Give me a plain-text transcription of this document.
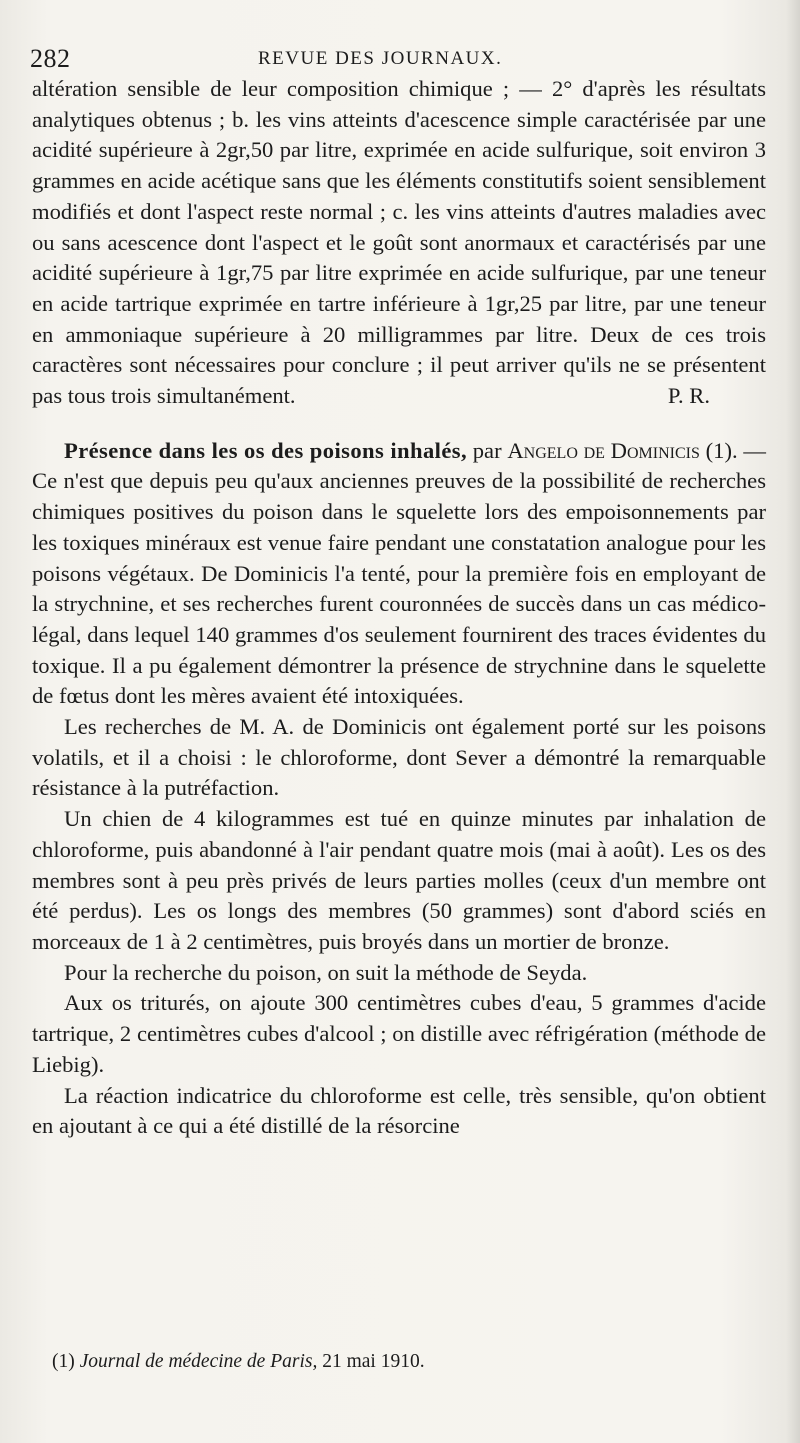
282	REVUE DES JOURNAUX.

altération sensible de leur composition chimique ; — 2° d'après les résultats analytiques obtenus ; b. les vins atteints d'acescence simple caractérisée par une acidité supérieure à 2gr,50 par litre, exprimée en acide sulfurique, soit environ 3 grammes en acide acétique sans que les éléments constitutifs soient sensiblement modifiés et dont l'aspect reste normal ; c. les vins atteints d'autres maladies avec ou sans acescence dont l'aspect et le goût sont anormaux et caractérisés par une acidité supérieure à 1gr,75 par litre exprimée en acide sulfurique, par une teneur en acide tartrique exprimée en tartre inférieure à 1gr,25 par litre, par une teneur en ammoniaque supérieure à 20 milligrammes par litre. Deux de ces trois caractères sont nécessaires pour conclure ; il peut arriver qu'ils ne se présentent pas tous trois simultanément.	P. R.

Présence dans les os des poisons inhalés, par Angelo de Dominicis (1). — Ce n'est que depuis peu qu'aux anciennes preuves de la possibilité de recherches chimiques positives du poison dans le squelette lors des empoisonnements par les toxiques minéraux est venue faire pendant une constatation analogue pour les poisons végétaux. De Dominicis l'a tenté, pour la première fois en employant de la strychnine, et ses recherches furent couronnées de succès dans un cas médico-légal, dans lequel 140 grammes d'os seulement fournirent des traces évidentes du toxique. Il a pu également démontrer la présence de strychnine dans le squelette de fœtus dont les mères avaient été intoxiquées.

Les recherches de M. A. de Dominicis ont également porté sur les poisons volatils, et il a choisi : le chloroforme, dont Sever a démontré la remarquable résistance à la putréfaction.

Un chien de 4 kilogrammes est tué en quinze minutes par inhalation de chloroforme, puis abandonné à l'air pendant quatre mois (mai à août). Les os des membres sont à peu près privés de leurs parties molles (ceux d'un membre ont été perdus). Les os longs des membres (50 grammes) sont d'abord sciés en morceaux de 1 à 2 centimètres, puis broyés dans un mortier de bronze.

Pour la recherche du poison, on suit la méthode de Seyda.

Aux os triturés, on ajoute 300 centimètres cubes d'eau, 5 grammes d'acide tartrique, 2 centimètres cubes d'alcool ; on distille avec réfrigération (méthode de Liebig).

La réaction indicatrice du chloroforme est celle, très sensible, qu'on obtient en ajoutant à ce qui a été distillé de la résorcine

(1) Journal de médecine de Paris, 21 mai 1910.
